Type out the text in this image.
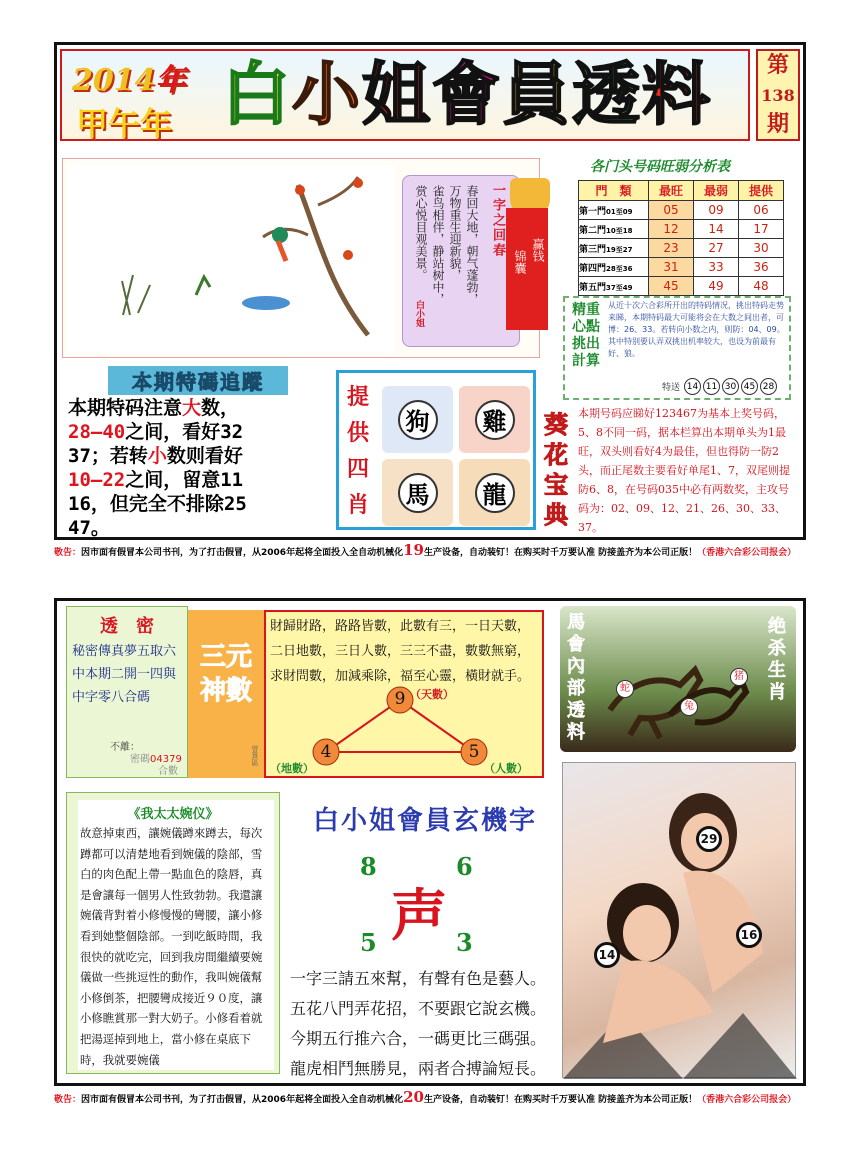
2014年
甲午年 白 小 姐 會 員 透 料	第
138
期
春回大地，朝气蓬勃，
万物重生迎新貌，
雀鸟相伴，静站树中，
赏心悦目观美景。	一字之回春
白小姐
锦囊 赢钱
各门头号码旺弱分析表
門　類	最旺	最弱	提供
第一門01至09	05	09	06
第二門10至18	12	14	17
第三門19至27	23	27	30
第四門28至36	31	33	36
第五門37至49	45	49	48
精重
心點
挑出
計算
从近十次六合彩所开出的特码情况，挑出特码走势来睇，本期特码最大可能将会在大数之间出者，可博：26、33。若转向小数之内，则防：04、09。其中特别要认弄双挑出机率较大，也设为前最有好、狼。
特送 14 11 30 45 28
本期特碼追蹤
本期特码注意大数，
28—40之间，看好32
37；若转小数则看好
10—22之间，留意11
16，但完全不排除25
47。
提
供
四
肖
狗	雞
馬	龍
葵
花
宝
典
本期号码应睇好123467为基本上奖号码，5、8不同一码，据本栏算出本期单头为1最旺，双头则看好4为最佳，但也得防一防2头，而正尾数主要看好单尾1、7，双尾则提防6、8，在号码035中必有两数奖，主攻号码为：02、09、12、21、26、30、33、37。
敬告：因市面有假冒本公司书刊，为了打击假冒，从2006年起将全面投入全自动机械化19生产设备，自动装钉！在购买时千万要认准 防接盖齐为本公司正版！（香港六合彩公司报会）
透　密
秘密傳真夢五取六中本期二開一四與中字零八合碼
不離：
密碼04379
合數
三元
神數
曾算區
財歸財路，路路皆數，此數有三，一日天數，二日地數，三日人數，三三不盡，數數無窮，求財問數，加減乘除，福至心靈，橫財就手。
9 （天數）
4
（地數）
5
（人數）
馬
會
內
部
透
料
绝
杀
生
肖
蛇
兔
猪
《我太太婉仪》
故意掉東西，讓婉儀蹲來蹲去，每次蹲都可以清楚地看到婉儀的陰部，雪白的肉色配上帶一點血色的陰唇，真是會讓每一個男人性致勃勃。我還讓婉儀背對着小修慢慢的彎腰，讓小修看到她整個陰部。一到吃飯時間，我很快的就吃完，回到我房間繼續要婉儀做一些挑逗性的動作，我叫婉儀幫小修倒茶，把腰彎成接近９０度，讓小修瞧賞那一對大奶子。小修看着就把湯逕掉到地上，當小修在桌底下時，我就要婉儀
白小姐會員玄機字
8	6
声
5	3
一字三請五來幫，有聲有色是藝人。
五花八門弄花招，不要跟它說玄機。
今期五行推六合，一碼更比三碼强。
龍虎相鬥無勝見，兩者合搏論短長。
29
14
16
敬告：因市面有假冒本公司书刊，为了打击假冒，从2006年起将全面投入全自动机械化20生产设备，自动装钉！在购买时千万要认准 防接盖齐为本公司正版！（香港六合彩公司报会）
